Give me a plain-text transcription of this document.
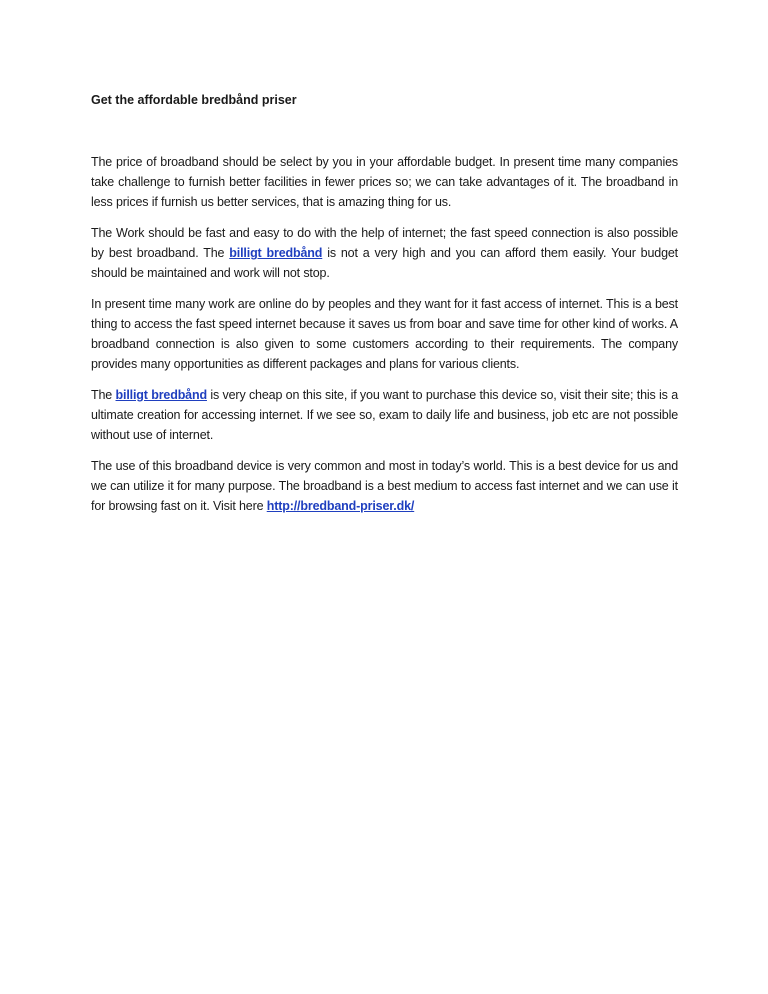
Get the affordable bredbånd priser

The price of broadband should be select by you in your affordable budget. In present time many companies take challenge to furnish better facilities in fewer prices so; we can take advantages of it. The broadband in less prices if furnish us better services, that is amazing thing for us.

The Work should be fast and easy to do with the help of internet; the fast speed connection is also possible by best broadband. The billigt bredbånd is not a very high and you can afford them easily. Your budget should be maintained and work will not stop.

In present time many work are online do by peoples and they want for it fast access of internet. This is a best thing to access the fast speed internet because it saves us from boar and save time for other kind of works. A broadband connection is also given to some customers according to their requirements. The company provides many opportunities as different packages and plans for various clients.

The billigt bredbånd is very cheap on this site, if you want to purchase this device so, visit their site; this is a ultimate creation for accessing internet. If we see so, exam to daily life and business, job etc are not possible without use of internet.

The use of this broadband device is very common and most in today’s world. This is a best device for us and we can utilize it for many purpose. The broadband is a best medium to access fast internet and we can use it for browsing fast on it. Visit here http://bredband-priser.dk/
